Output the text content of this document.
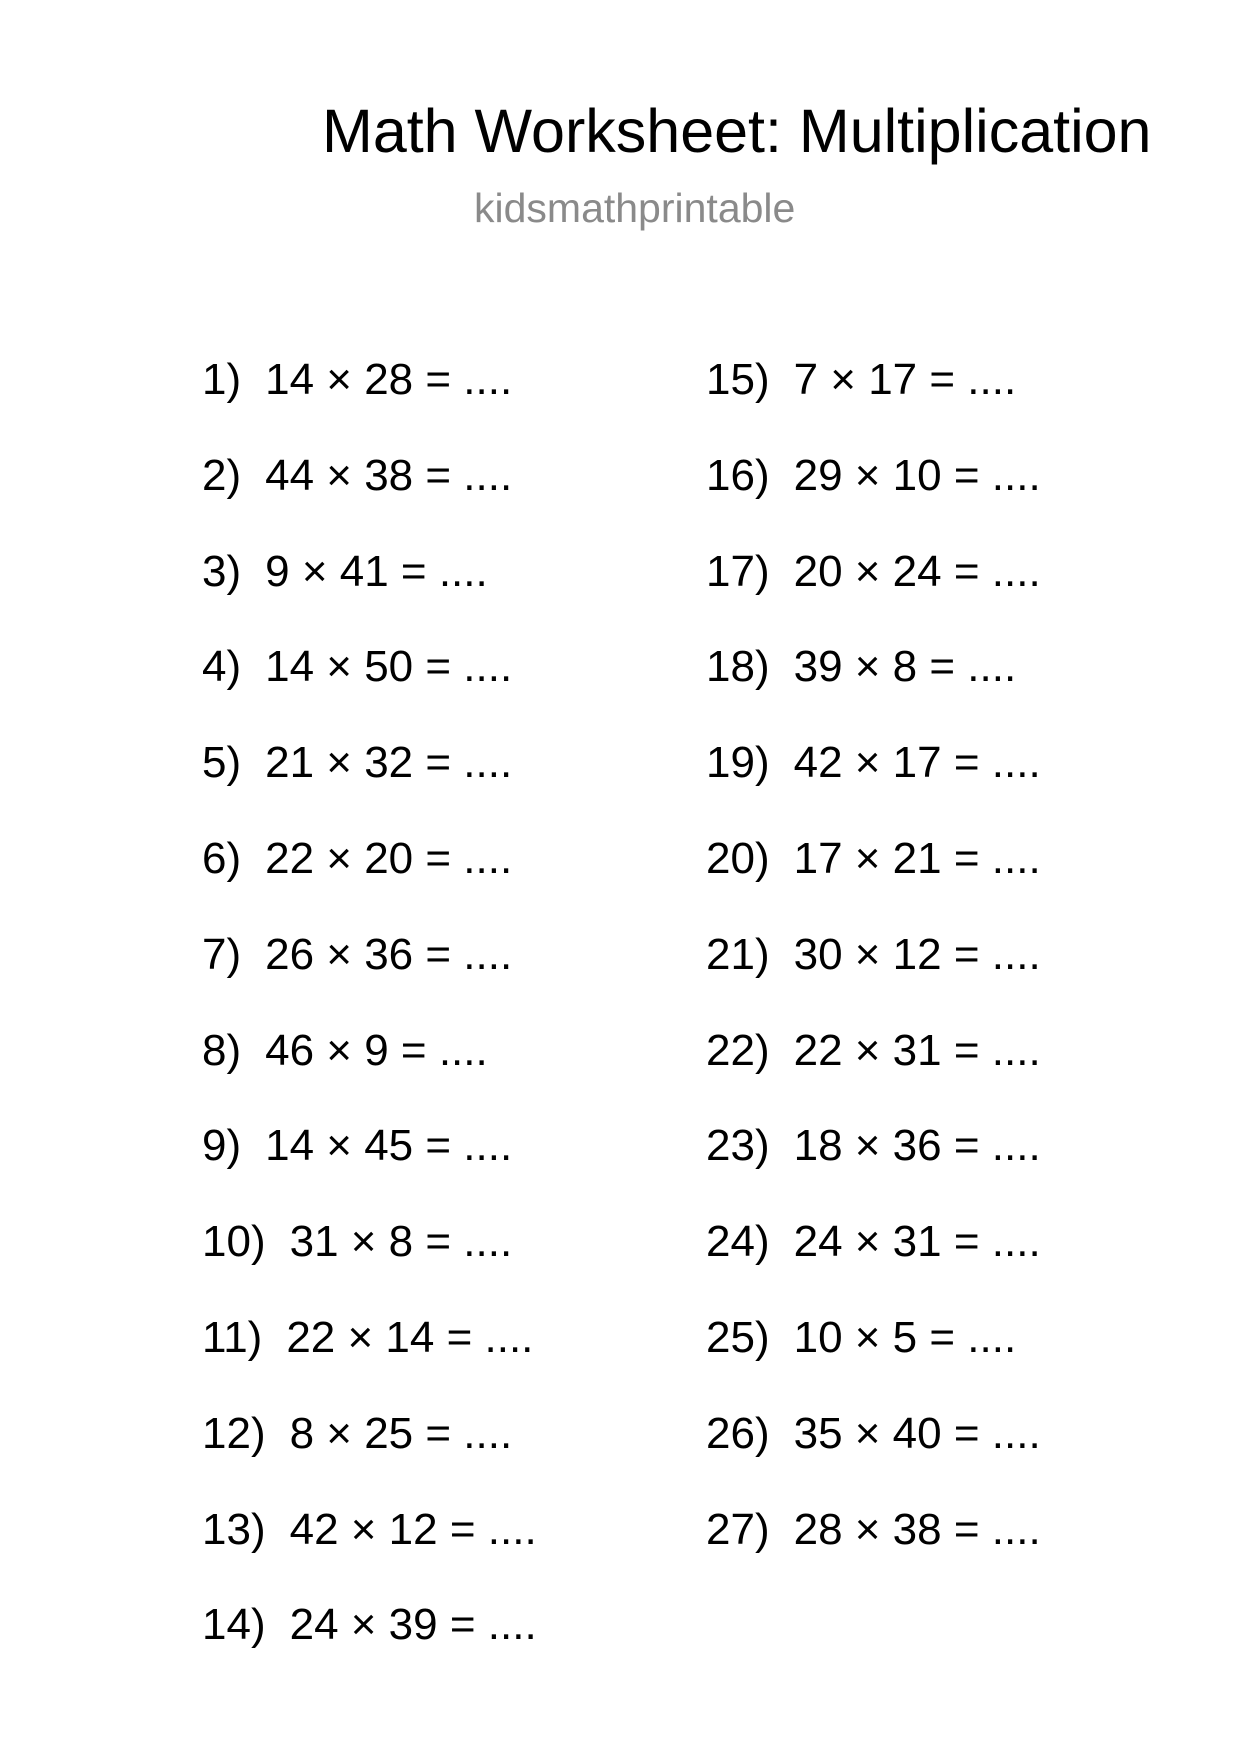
Math Worksheet: Multiplication
kidsmathprintable
1) 14 × 28 = ....
2) 44 × 38 = ....
3) 9 × 41 = ....
4) 14 × 50 = ....
5) 21 × 32 = ....
6) 22 × 20 = ....
7) 26 × 36 = ....
8) 46 × 9 = ....
9) 14 × 45 = ....
10) 31 × 8 = ....
11) 22 × 14 = ....
12) 8 × 25 = ....
13) 42 × 12 = ....
14) 24 × 39 = ....
15) 7 × 17 = ....
16) 29 × 10 = ....
17) 20 × 24 = ....
18) 39 × 8 = ....
19) 42 × 17 = ....
20) 17 × 21 = ....
21) 30 × 12 = ....
22) 22 × 31 = ....
23) 18 × 36 = ....
24) 24 × 31 = ....
25) 10 × 5 = ....
26) 35 × 40 = ....
27) 28 × 38 = ....
